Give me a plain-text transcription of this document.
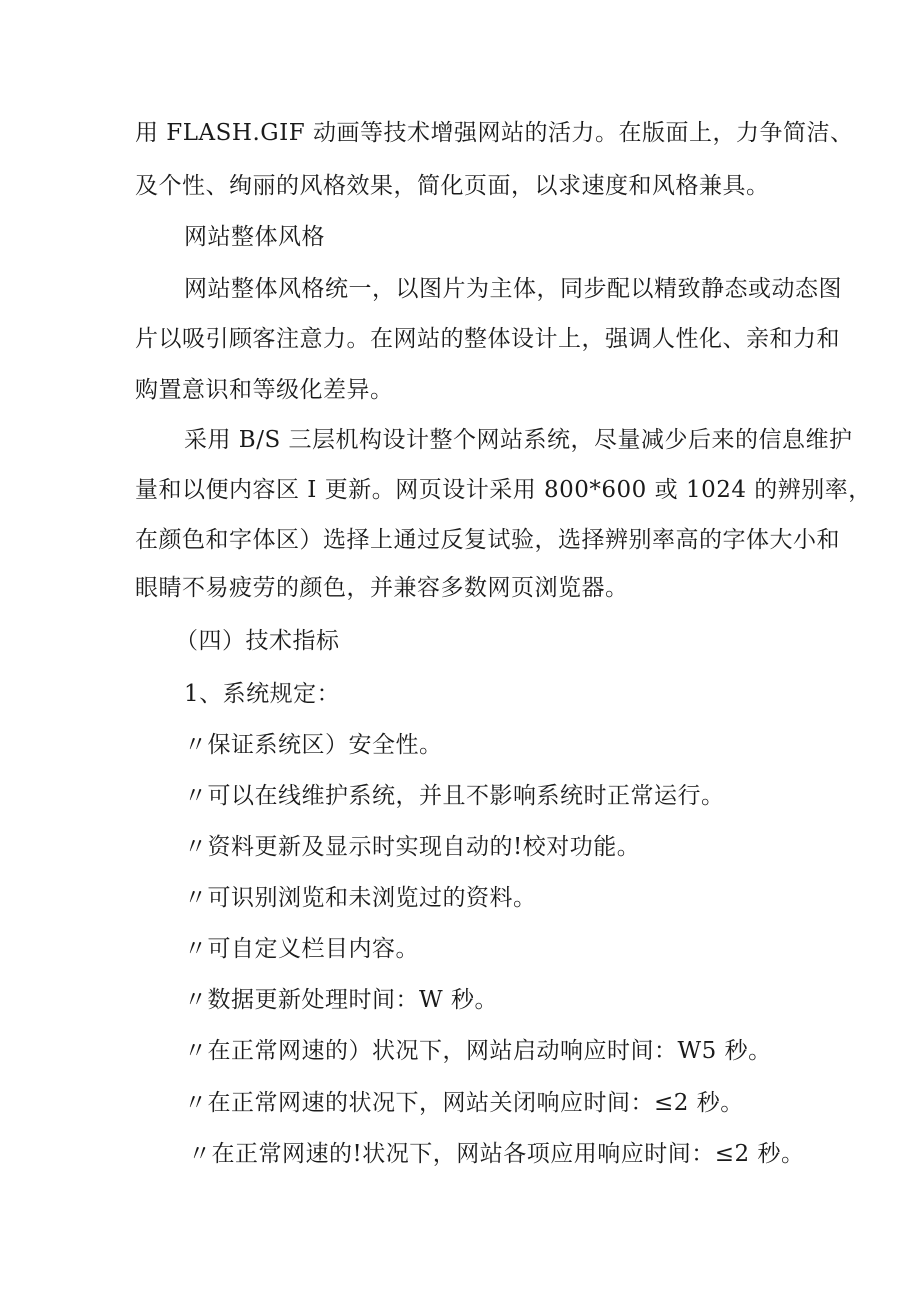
用 FLASH.GIF 动画等技术增强网站的活力。在版面上，力争简洁、
及个性、绚丽的风格效果，简化页面，以求速度和风格兼具。
网站整体风格
网站整体风格统一，以图片为主体，同步配以精致静态或动态图
片以吸引顾客注意力。在网站的整体设计上，强调人性化、亲和力和
购置意识和等级化差异。
采用 B/S 三层机构设计整个网站系统，尽量减少后来的信息维护
量和以便内容区 I 更新。网页设计采用 800*600 或 1024 的辨别率，
在颜色和字体区）选择上通过反复试验，选择辨别率高的字体大小和
眼睛不易疲劳的颜色，并兼容多数网页浏览器。
（四）技术指标
1、系统规定：
〃保证系统区）安全性。
〃可以在线维护系统，并且不影响系统时正常运行。
〃资料更新及显示时实现自动的!校对功能。
〃可识别浏览和未浏览过的资料。
〃可自定义栏目内容。
〃数据更新处理时间：W 秒。
〃在正常网速的）状况下，网站启动响应时间：W5 秒。
〃在正常网速的状况下，网站关闭响应时间：≤2 秒。
〃在正常网速的!状况下，网站各项应用响应时间：≤2 秒。
